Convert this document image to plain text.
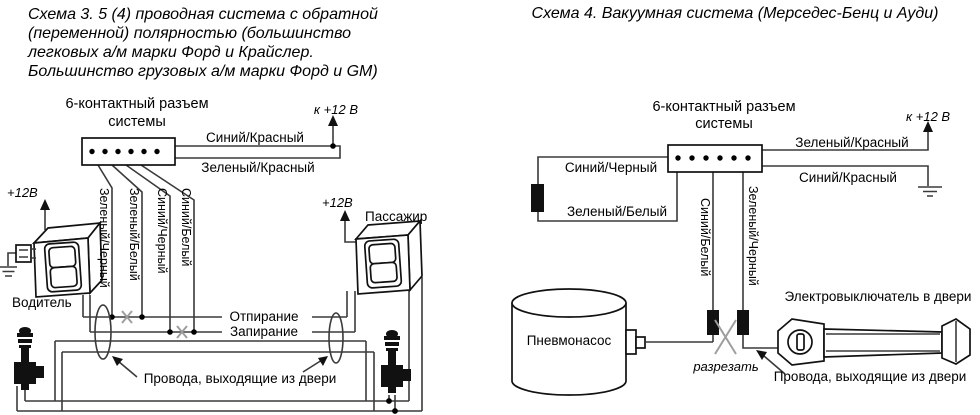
Схема 3. 5 (4) проводная система с обратной
(переменной) полярностью (большинство
легковых а/м марки Форд и Крайслер.
Большинство грузовых а/м марки Форд и GM)
6-контактный разъем
системы
к +12 В
Синий/Красный
Зеленый/Красный
+12В
+12В
Пассажир
Водитель
Зеленый/Черный Зеленый/Белый Синий/Черный Синий/Белый
Отпирание
Запирание
Провода, выходящие из двери
Схема 4. Вакуумная система (Мерседес-Бенц и Ауди)
6-контактный разъем
системы	к +12 В
Зеленый/Красный
Синий/Красный
Синий/Черный
Зеленый/Белый Синий/Белый	Зеленый/Черный
Пневмонасос
разрезать
Электровыключатель в двери
Провода, выходящие из двери
